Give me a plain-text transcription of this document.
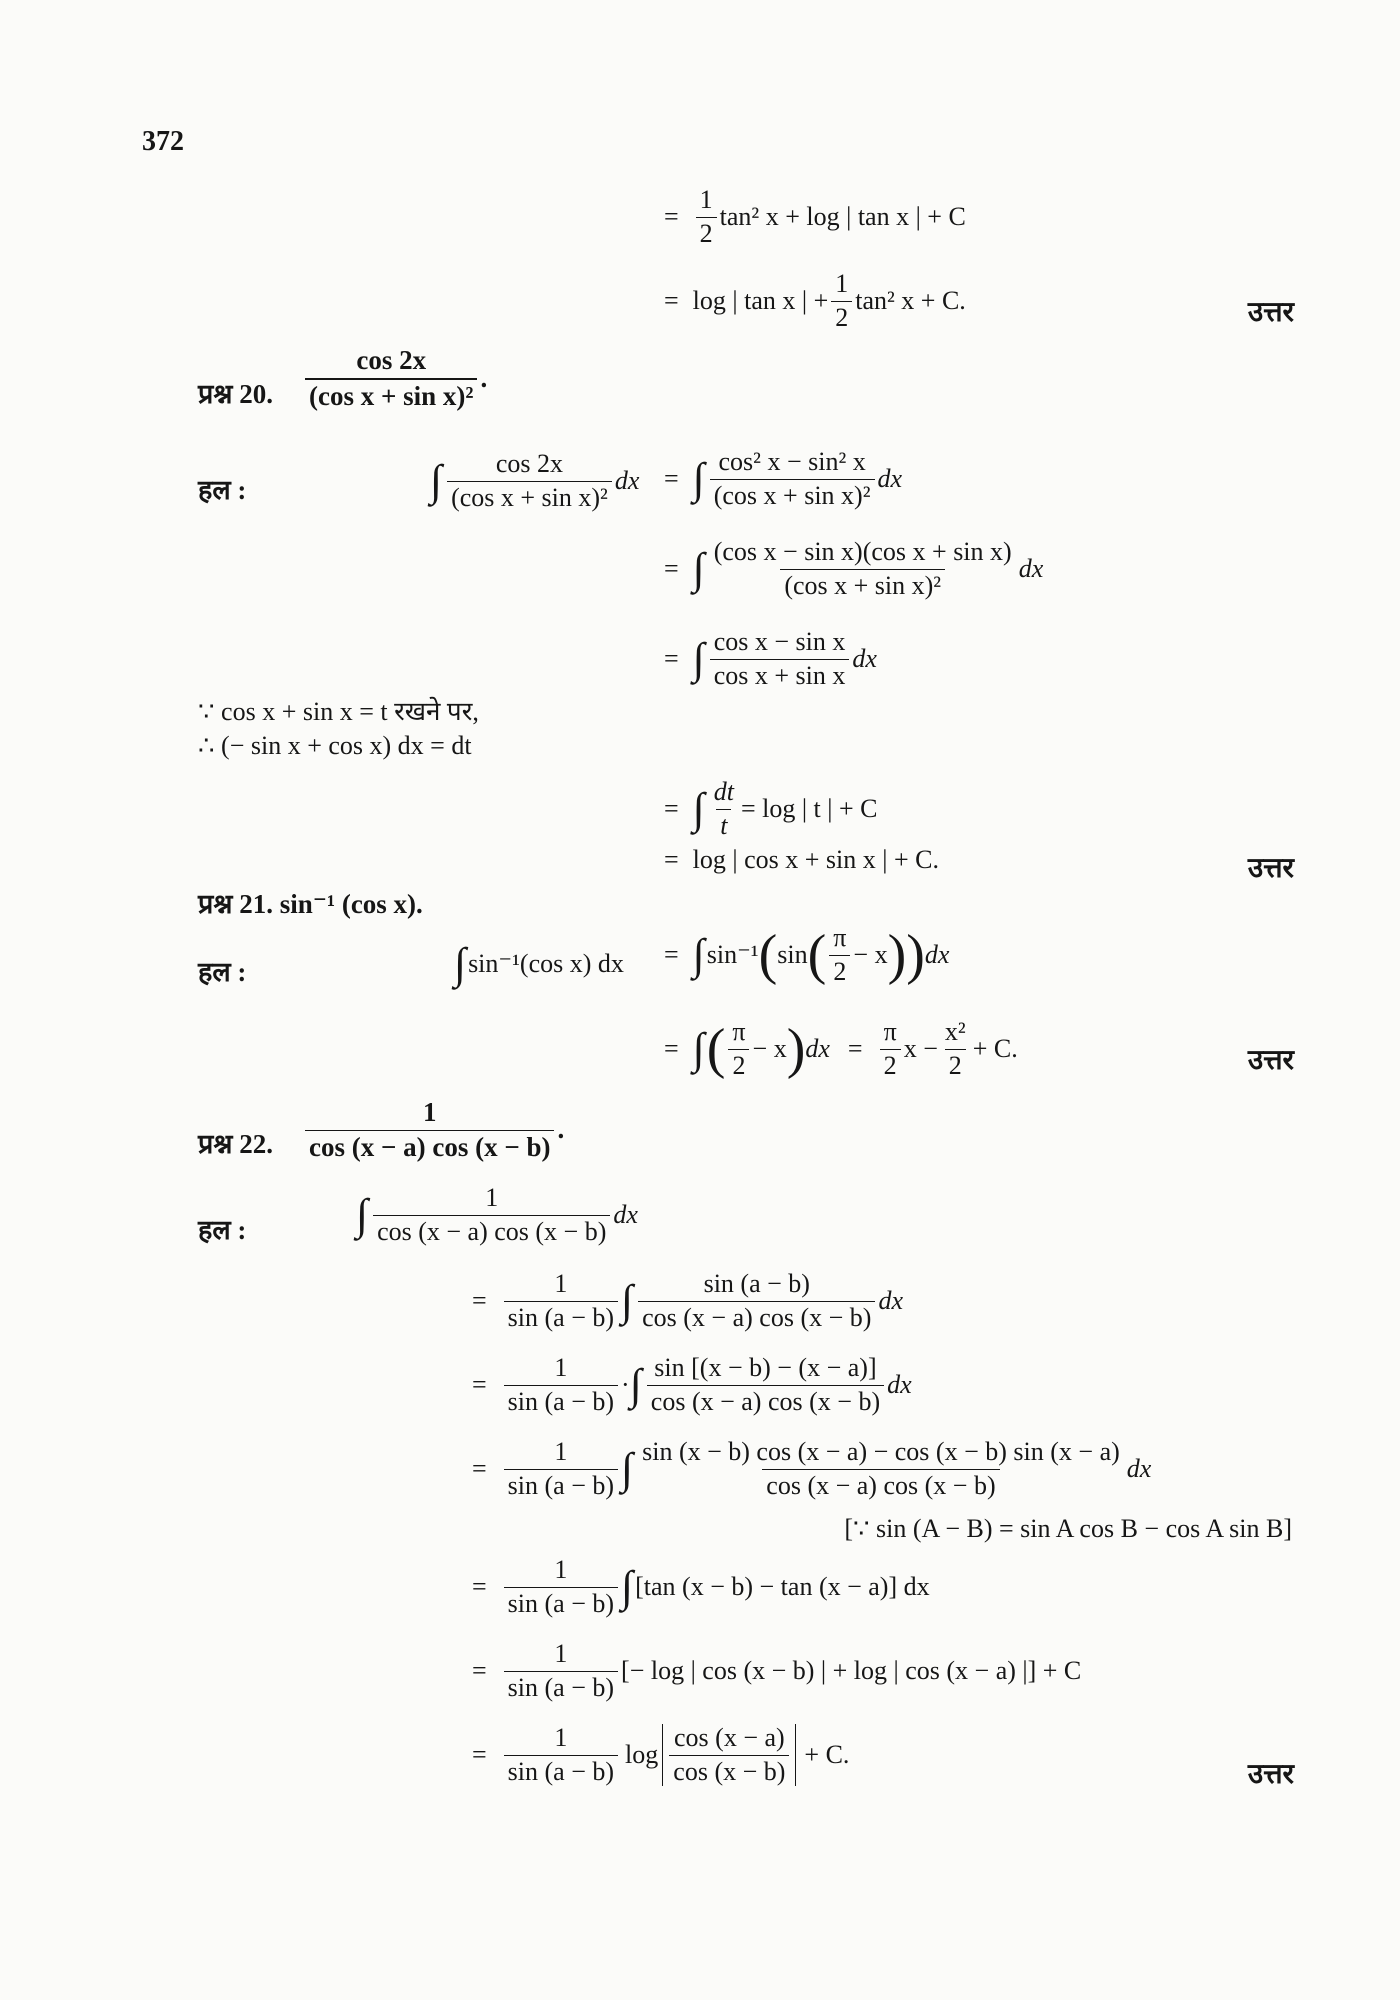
372
= $\frac{1}{2} \tan^2$ x + log | tan x | + C
= log | tan x | + $\frac{1}{2} \tan^2$ x + C.	उत्तर
प्रश्न 20. $\frac{\cos 2x}{\text{(cos x + sin x)²}}$ .
हल :	∫ $\frac{\cos 2x}{\text{(cos x + sin x)²}}$ dx = ∫ $\frac{\text{cos² x − sin² x}}{\text{(cos x + sin x)²}}$ dx
= ∫ $\frac{\text{(cos x − sin x)(cos x + sin x)}}{\text{(cos x + sin x)²}}$ dx
= ∫ $\frac{\text{cos x − sin x}}{\text{cos x + sin x}}$ dx
∵ cos x + sin x = t रखने पर,
∴ (− sin x + cos x) dx = dt
= ∫ $\frac{dt}{t} = \log$ | t | + C
= log | cos x + sin x | + C.	उत्तर
प्रश्न 21. sin⁻¹ (cos x).
हल :	∫ sin⁻¹(cos x) dx = ∫ sin⁻¹ ( sin ( $\frac{\pi}{2} - x$ )) dx
= ∫ ( $\frac{\pi}{2} - x$ ) dx = $\frac{\pi}{2}$ $x - \frac{\text{x²}}{2} + C$.	उत्तर
प्रश्न 22. $\frac{1}{\cos (x - a) \cos (x - b)}$ .
हल : ∫ $\frac{1}{\cos (x - a) \cos (x - b)}$ dx
= $\frac{1}{\sin (a - b)}$ ∫ $\frac{\sin (a - b)}{\cos (x - a) \cos (x - b)}$ dx
= $\frac{1}{\sin (a - b)}$ · ∫ $\frac{\sin [(x - b) - (x - a)]}{\cos (x - a) \cos (x - b)}$ dx
= $\frac{1}{\sin (a - b)}$ ∫ $\frac{\sin (x - b) \cos (x - a) - \cos (x - b) \sin (x - a)}{\cos (x - a) \cos (x - b)}$ dx
[∵ sin (A − B) = sin A cos B − cos A sin B]
= $\frac{1}{\sin (a - b)}$ ∫ [tan (x − b) − tan (x − a)] dx
= $\frac{1}{\sin (a - b)}$ [− log | cos (x − b) | + log | cos (x − a) |] + C
= $\frac{1}{\sin (a - b)}$ $\log \frac{\cos (x - a)}{\cos (x - b)} + C$.
उत्तर
